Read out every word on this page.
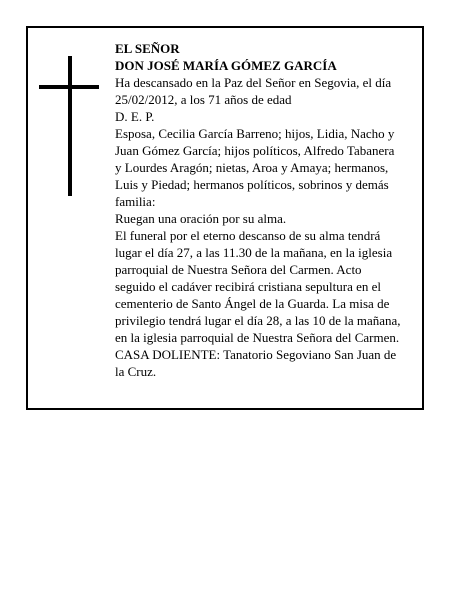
EL SEÑOR

DON JOSÉ MARÍA GÓMEZ GARCÍA

Ha descansado en la Paz del Señor en Segovia, el día 25/02/2012, a los 71 años de edad

D. E. P.

Esposa, Cecilia García Barreno; hijos, Lidia, Nacho y Juan Gómez García; hijos políticos, Alfredo Tabanera y Lourdes Aragón; nietas, Aroa y Amaya; hermanos, Luis y Piedad; hermanos políticos, sobrinos y demás familia:

Ruegan una oración por su alma.

El funeral por el eterno descanso de su alma tendrá lugar el día 27, a las 11.30 de la mañana, en la iglesia parroquial de Nuestra Señora del Carmen. Acto seguido el cadáver recibirá cristiana sepultura en el cementerio de Santo Ángel de la Guarda. La misa de privilegio tendrá lugar el día 28, a las 10 de la mañana, en la iglesia parroquial de Nuestra Señora del Carmen.

CASA DOLIENTE: Tanatorio Segoviano San Juan de la Cruz.
